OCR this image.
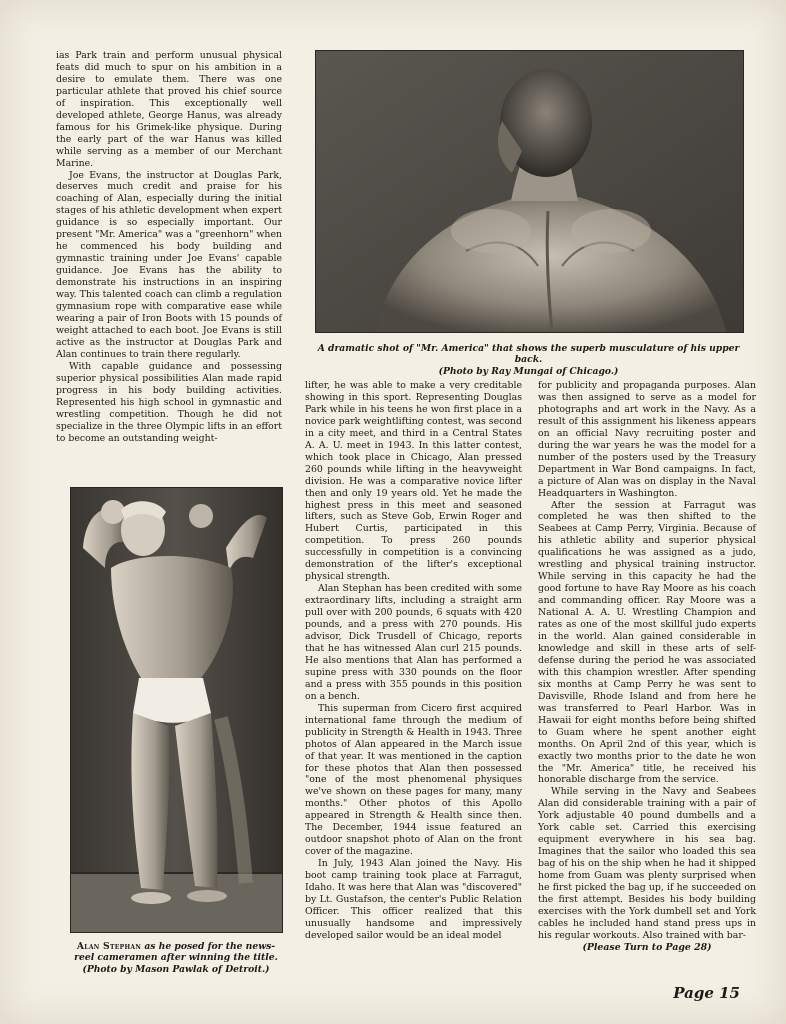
ias Park train and perform unusual physical feats did much to spur on his ambition in a desire to emulate them. There was one particular athlete that proved his chief source of inspiration. This exceptionally well developed athlete, George Hanus, was already famous for his Grimek-like physique. During the early part of the war Hanus was killed while serving as a member of our Merchant Marine.

Joe Evans, the instructor at Douglas Park, deserves much credit and praise for his coaching of Alan, especially during the initial stages of his athletic development when expert guidance is so especially important. Our present "Mr. America" was a "greenhorn" when he commenced his body building and gymnastic training under Joe Evans' capable guidance. Joe Evans has the ability to demonstrate his instructions in an inspiring way. This talented coach can climb a regulation gymnasium rope with comparative ease while wearing a pair of Iron Boots with 15 pounds of weight attached to each boot. Joe Evans is still active as the instructor at Douglas Park and Alan continues to train there regularly.

With capable guidance and possessing superior physical possibilities Alan made rapid progress in his body building activities. Represented his high school in gymnastic and wrestling competition. Though he did not specialize in the three Olympic lifts in an effort to become an outstanding weight-

A dramatic shot of "Mr. America" that shows the superb musculature of his upper back.
(Photo by Ray Mungai of Chicago.)
Alan Stephan as he posed for the news-
reel cameramen after winning the title.
(Photo by Mason Pawlak of Detroit.)

lifter, he was able to make a very creditable showing in this sport. Representing Douglas Park while in his teens he won first place in a novice park weightlifting contest, was second in a city meet, and third in a Central States A. A. U. meet in 1943. In this latter contest, which took place in Chicago, Alan pressed 260 pounds while lifting in the heavyweight division. He was a comparative novice lifter then and only 19 years old. Yet he made the highest press in this meet and seasoned lifters, such as Steve Gob, Erwin Roger and Hubert Curtis, participated in this competition. To press 260 pounds successfully in competition is a convincing demonstration of the lifter's exceptional physical strength.

Alan Stephan has been credited with some extraordinary lifts, including a straight arm pull over with 200 pounds, 6 squats with 420 pounds, and a press with 270 pounds. His advisor, Dick Trusdell of Chicago, reports that he has witnessed Alan curl 215 pounds. He also mentions that Alan has performed a supine press with 330 pounds on the floor and a press with 355 pounds in this position on a bench.

This superman from Cicero first acquired international fame through the medium of publicity in Strength & Health in 1943. Three photos of Alan appeared in the March issue of that year. It was mentioned in the caption for these photos that Alan then possessed "one of the most phenomenal physiques we've shown on these pages for many, many months." Other photos of this Apollo appeared in Strength & Health since then. The December, 1944 issue featured an outdoor snapshot photo of Alan on the front cover of the magazine.

In July, 1943 Alan joined the Navy. His boot camp training took place at Farragut, Idaho. It was here that Alan was "discovered" by Lt. Gustafson, the center's Public Relation Officer. This officer realized that this unusually handsome and impressively developed sailor would be an ideal model

for publicity and propaganda purposes. Alan was then assigned to serve as a model for photographs and art work in the Navy. As a result of this assignment his likeness appears on an official Navy recruiting poster and during the war years he was the model for a number of the posters used by the Treasury Department in War Bond campaigns. In fact, a picture of Alan was on display in the Naval Headquarters in Washington.

After the session at Farragut was completed he was then shifted to the Seabees at Camp Perry, Virginia. Because of his athletic ability and superior physical qualifications he was assigned as a judo, wrestling and physical training instructor. While serving in this capacity he had the good fortune to have Ray Moore as his coach and commanding officer. Ray Moore was a National A. A. U. Wrestling Champion and rates as one of the most skillful judo experts in the world. Alan gained considerable in knowledge and skill in these arts of self-defense during the period he was associated with this champion wrestler. After spending six months at Camp Perry he was sent to Davisville, Rhode Island and from here he was transferred to Pearl Harbor. Was in Hawaii for eight months before being shifted to Guam where he spent another eight months. On April 2nd of this year, which is exactly two months prior to the date he won the "Mr. America" title, he received his honorable discharge from the service.

While serving in the Navy and Seabees Alan did considerable training with a pair of York adjustable 40 pound dumbells and a York cable set. Carried this exercising equipment everywhere in his sea bag. Imagines that the sailor who loaded this sea bag of his on the ship when he had it shipped home from Guam was plenty surprised when he first picked the bag up, if he succeeded on the first attempt. Besides his body building exercises with the York dumbell set and York cables he included hand stand press ups in his regular workouts. Also trained with bar-

(Please Turn to Page 28)
Page 15
